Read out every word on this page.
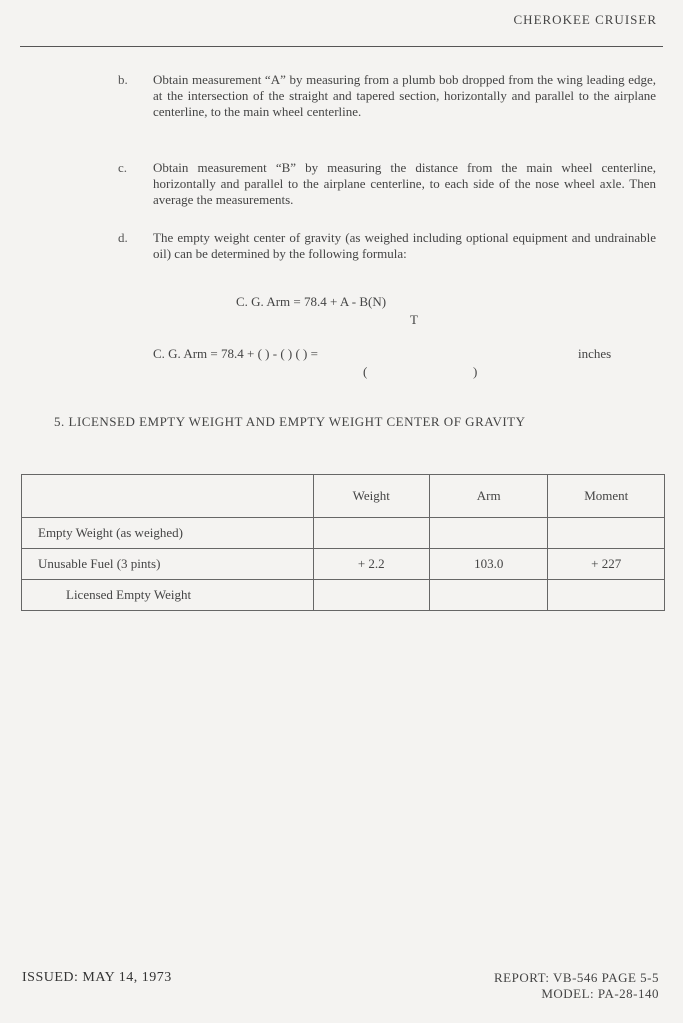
CHEROKEE CRUISER
b. Obtain measurement “A” by measuring from a plumb bob dropped from the wing leading edge, at the intersection of the straight and tapered section, horizontally and parallel to the airplane centerline, to the main wheel centerline.
c. Obtain measurement “B” by measuring the distance from the main wheel centerline, horizontally and parallel to the airplane centerline, to each side of the nose wheel axle. Then average the measurements.
d. The empty weight center of gravity (as weighed including optional equipment and undrainable oil) can be determined by the following formula:
C. G. Arm = 78.4 + A - B(N)
T
C. G. Arm = 78.4 + ( ) - ( ) ( ) =
(	)
inches
5. LICENSED EMPTY WEIGHT AND EMPTY WEIGHT CENTER OF GRAVITY
	Weight	Arm	Moment
Empty Weight (as weighed)			
Unusable Fuel (3 pints)	+ 2.2	103.0	+ 227
Licensed Empty Weight			
ISSUED: MAY 14, 1973	REPORT: VB-546 PAGE 5-5
MODEL: PA-28-140
